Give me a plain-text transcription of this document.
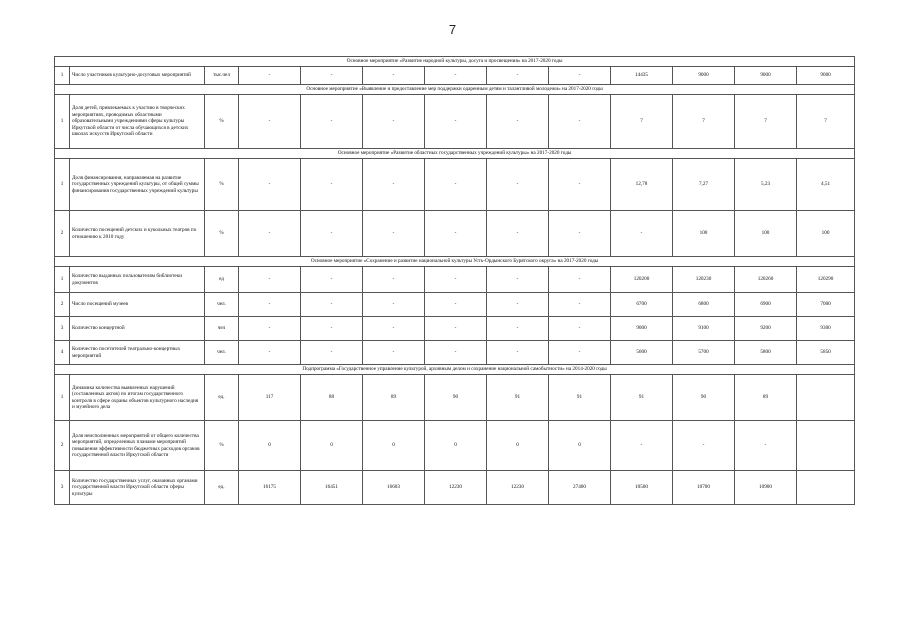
7
Основное мероприятие «Развитие народной культуры, досуга и просвещения» на 2017-2020 годы												
1	Число участников культурно-досуговых мероприятий	тыс.чел	-	-	-	-	-	-	14435	9000	9000	9000
Основное мероприятие «Выявление и предоставление мер поддержки одаренным детям и талантливой молодежи» на 2017-2020 годы												
1	Доля детей, привлекаемых к участию в творческих мероприятиях, проводимых областными образовательными учреждениями сферы культуры Иркутской области от числа обучающихся в детских школах искусств Иркутской области	%	-	-	-	-	-	-	7	7	7	7
Основное мероприятие «Развитие областных государственных учреждений культуры» на 2017-2020 годы												
1	Доля финансирования, направляемая на развитие государственных учреждений культуры, от общей суммы финансирования государственных учреждений культуры	%	-	-	-	-	-	-	12,78	7,27	5,23	4,51
2	Количество посещений детских и кукольных театров по отношению к 2010 году	%	-	-	-	-	-	-	-	100	100	100
Основное мероприятие «Сохранение и развитие национальной культуры Усть-Ордынского Бурятского округа» на 2017-2020 годы												
1	Количество выданных пользователям библиотеки документов	ед	-	-	-	-	-	-	120200	120230	120260	120290
2	Число посещений музеев	чел.	-	-	-	-	-	-	6700	6800	6900	7000
3	Количество концертной	чел	-	-	-	-	-	-	9000	9100	9200	9300
4	Количество посетителей театрально-концертных мероприятий	чел.	-	-	-	-	-	-	5600	5700	5800	5850
Подпрограмма «Государственное управление культурой, архивным делом и сохранение национальной самобытности» на 2014-2020 годы												
1	Динамика количества выявленных нарушений (составленных актов) по итогам государственного контроля в сфере охраны объектов культурного наследия и музейного дела	ед.	117	88	89	90	91	91	91	90	89	
2	Доля неисполненных мероприятий от общего количества мероприятий, определенных планами мероприятий повышения эффективности бюджетных расходов органов государственной власти Иркутской области	%	0	0	0	0	0	0	-	-	-	
3	Количество государственных услуг, оказанных органами государственной власти Иркутской области сферы культуры	ед.	16175	16451	16603	12230	12230	27400	10500	10700	10900	
